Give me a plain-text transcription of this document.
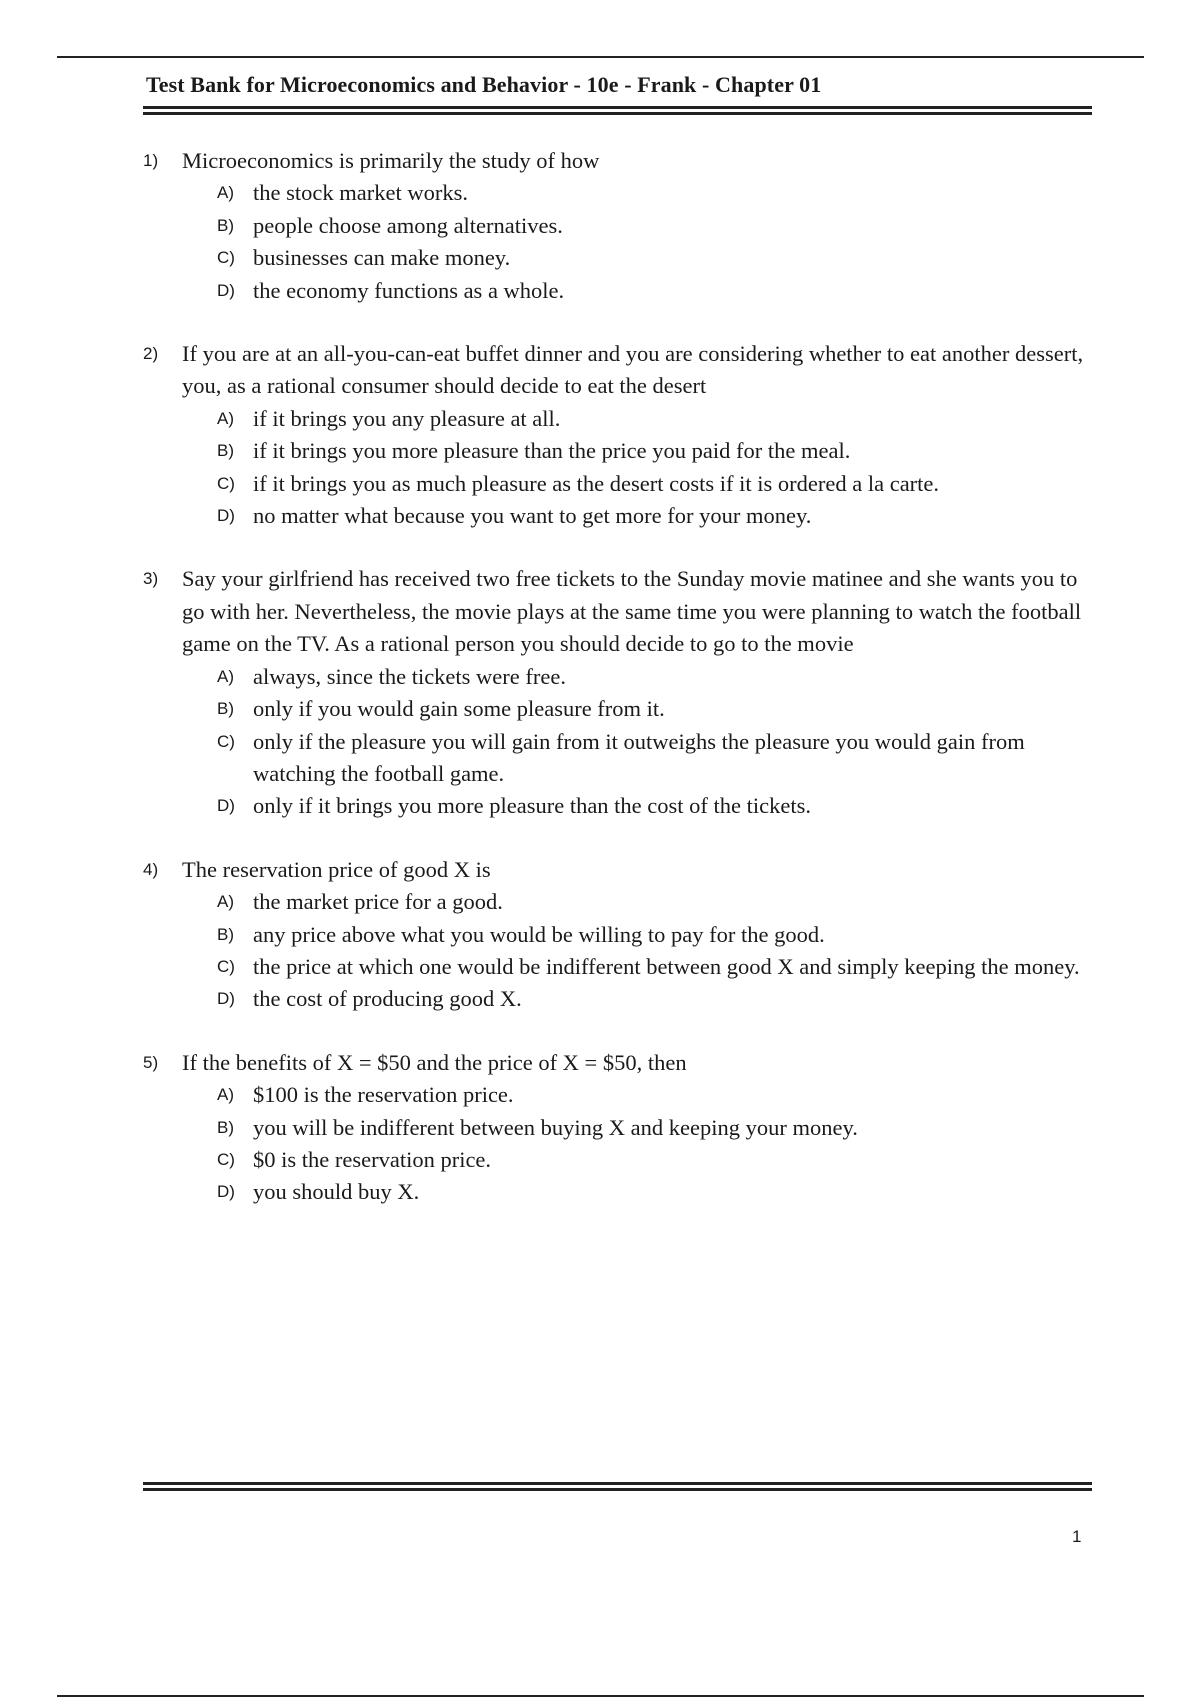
Test Bank for Microeconomics and Behavior - 10e - Frank - Chapter 01
1)	Microeconomics is primarily the study of how
A) the stock market works.
B) people choose among alternatives.
C) businesses can make money.
D) the economy functions as a whole.
2)	If you are at an all-you-can-eat buffet dinner and you are considering whether to eat another dessert, you, as a rational consumer should decide to eat the desert
A) if it brings you any pleasure at all.
B) if it brings you more pleasure than the price you paid for the meal.
C) if it brings you as much pleasure as the desert costs if it is ordered a la carte.
D) no matter what because you want to get more for your money.
3)	Say your girlfriend has received two free tickets to the Sunday movie matinee and she wants you to go with her. Nevertheless, the movie plays at the same time you were planning to watch the football game on the TV. As a rational person you should decide to go to the movie
A) always, since the tickets were free.
B) only if you would gain some pleasure from it.
C) only if the pleasure you will gain from it outweighs the pleasure you would gain from watching the football game.
D) only if it brings you more pleasure than the cost of the tickets.
4)	The reservation price of good X is
A) the market price for a good.
B) any price above what you would be willing to pay for the good.
C) the price at which one would be indifferent between good X and simply keeping the money.
D) the cost of producing good X.
5)	If the benefits of X = $50 and the price of X = $50, then
A) $100 is the reservation price.
B) you will be indifferent between buying X and keeping your money.
C) $0 is the reservation price.
D) you should buy X.
1
